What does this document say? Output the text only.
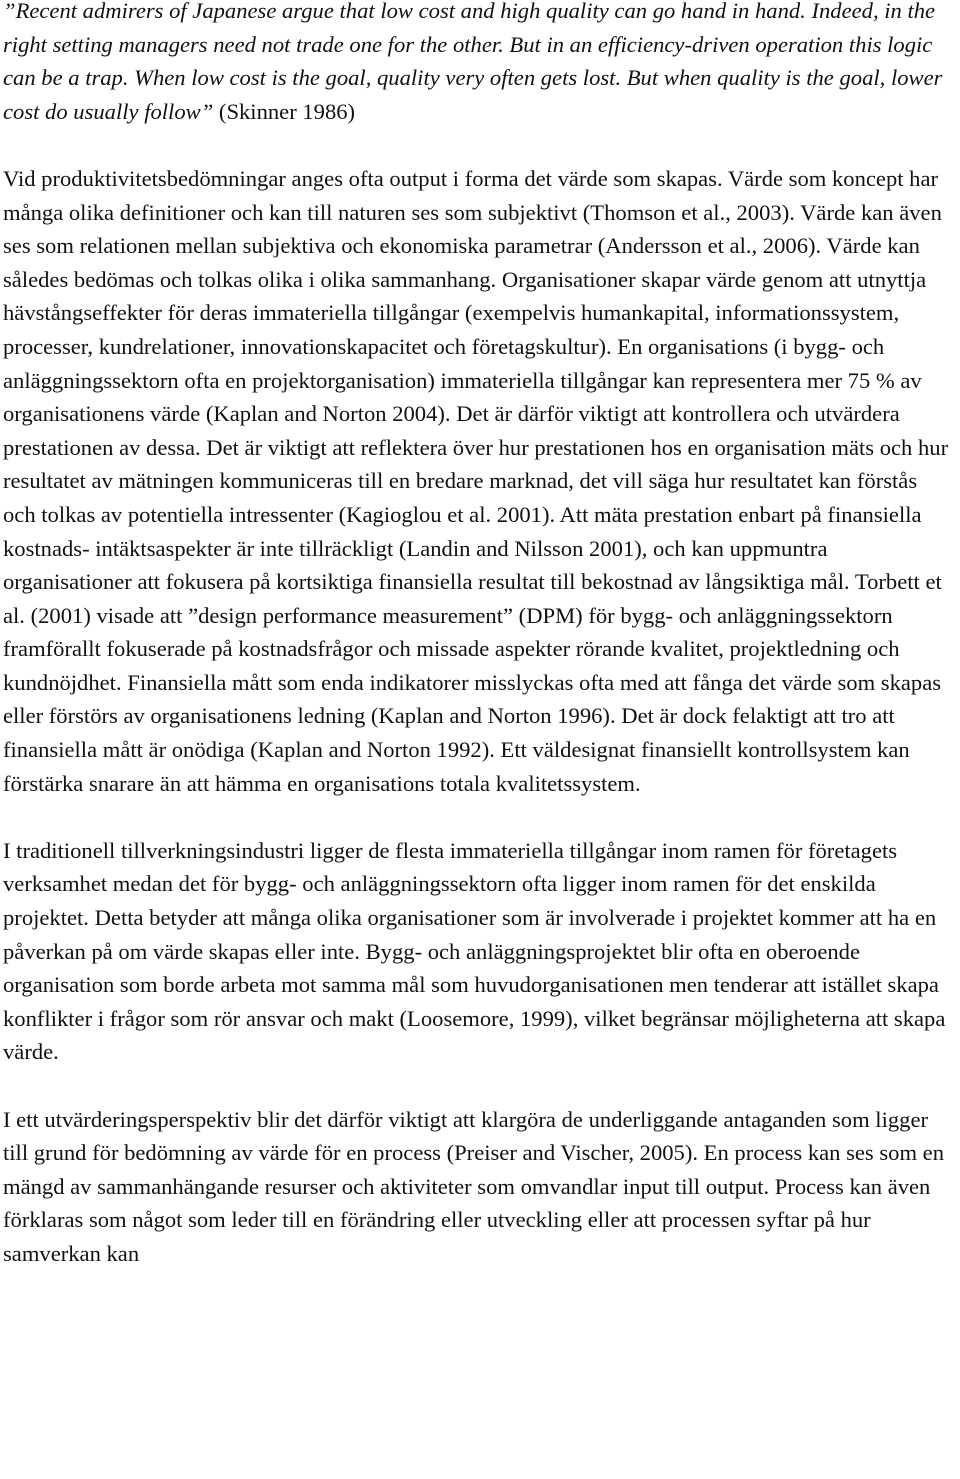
”Recent admirers of Japanese argue that low cost and high quality can go hand in hand. Indeed, in the right setting managers need not trade one for the other. But in an efficiency-driven operation this logic can be a trap. When low cost is the goal, quality very often gets lost. But when quality is the goal, lower cost do usually follow” (Skinner 1986)

Vid produktivitetsbedömningar anges ofta output i forma det värde som skapas. Värde som koncept har många olika definitioner och kan till naturen ses som subjektivt (Thomson et al., 2003). Värde kan även ses som relationen mellan subjektiva och ekonomiska parametrar (Andersson et al., 2006). Värde kan således bedömas och tolkas olika i olika sammanhang. Organisationer skapar värde genom att utnyttja hävstångseffekter för deras immateriella tillgångar (exempelvis humankapital, informationssystem, processer, kundrelationer, innovationskapacitet och företagskultur). En organisations (i bygg- och anläggningssektorn ofta en projektorganisation) immateriella tillgångar kan representera mer 75 % av organisationens värde (Kaplan and Norton 2004). Det är därför viktigt att kontrollera och utvärdera prestationen av dessa. Det är viktigt att reflektera över hur prestationen hos en organisation mäts och hur resultatet av mätningen kommuniceras till en bredare marknad, det vill säga hur resultatet kan förstås och tolkas av potentiella intressenter (Kagioglou et al. 2001). Att mäta prestation enbart på finansiella kostnads- intäktsaspekter är inte tillräckligt (Landin and Nilsson 2001), och kan uppmuntra organisationer att fokusera på kortsiktiga finansiella resultat till bekostnad av långsiktiga mål. Torbett et al. (2001) visade att ”design performance measurement” (DPM) för bygg- och anläggningssektorn framförallt fokuserade på kostnadsfrågor och missade aspekter rörande kvalitet, projektledning och kundnöjdhet. Finansiella mått som enda indikatorer misslyckas ofta med att fånga det värde som skapas eller förstörs av organisationens ledning (Kaplan and Norton 1996). Det är dock felaktigt att tro att finansiella mått är onödiga (Kaplan and Norton 1992). Ett väldesignat finansiellt kontrollsystem kan förstärka snarare än att hämma en organisations totala kvalitetssystem.

I traditionell tillverkningsindustri ligger de flesta immateriella tillgångar inom ramen för företagets verksamhet medan det för bygg- och anläggningssektorn ofta ligger inom ramen för det enskilda projektet. Detta betyder att många olika organisationer som är involverade i projektet kommer att ha en påverkan på om värde skapas eller inte. Bygg- och anläggningsprojektet blir ofta en oberoende organisation som borde arbeta mot samma mål som huvudorganisationen men tenderar att istället skapa konflikter i frågor som rör ansvar och makt (Loosemore, 1999), vilket begränsar möjligheterna att skapa värde.

I ett utvärderingsperspektiv blir det därför viktigt att klargöra de underliggande antaganden som ligger till grund för bedömning av värde för en process (Preiser and Vischer, 2005). En process kan ses som en mängd av sammanhängande resurser och aktiviteter som omvandlar input till output. Process kan även förklaras som något som leder till en förändring eller utveckling eller att processen syftar på hur samverkan kan
